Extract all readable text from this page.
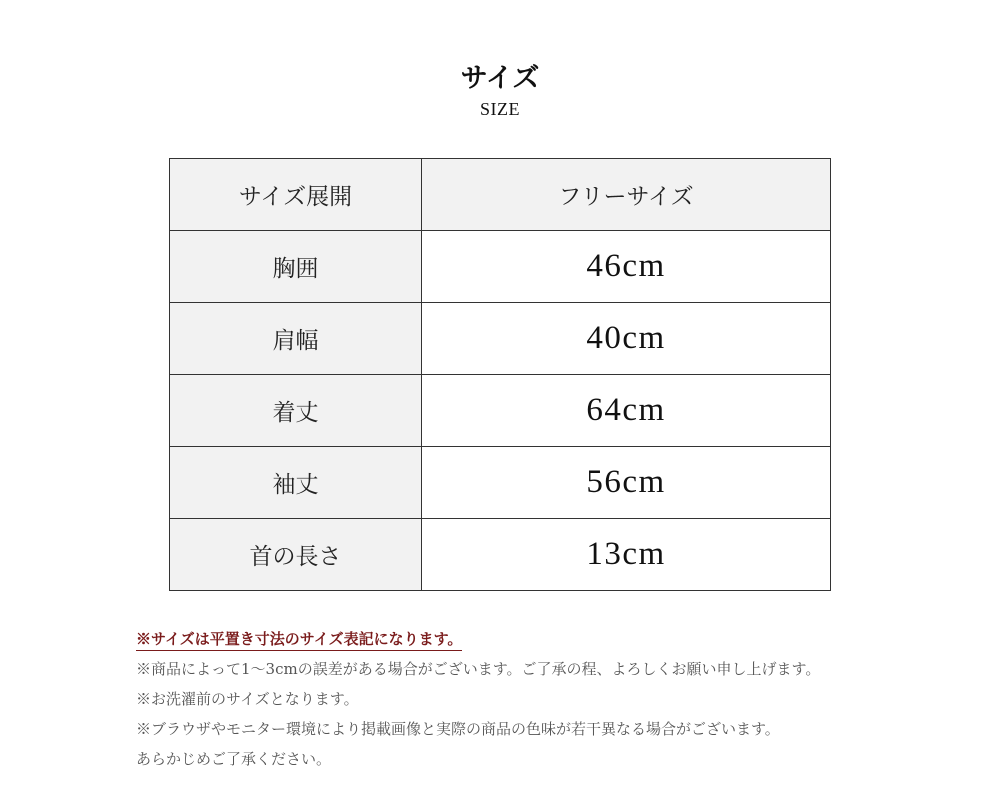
サイズ
SIZE
サイズ展開	フリーサイズ
胸囲	46cm
肩幅	40cm
着丈	64cm
袖丈	56cm
首の長さ	13cm
※サイズは平置き寸法のサイズ表記になります。
※商品によって1～3cmの誤差がある場合がございます。ご了承の程、よろしくお願い申し上げます。
※お洗濯前のサイズとなります。
※ブラウザやモニター環境により掲載画像と実際の商品の色味が若干異なる場合がございます。
あらかじめご了承ください。
